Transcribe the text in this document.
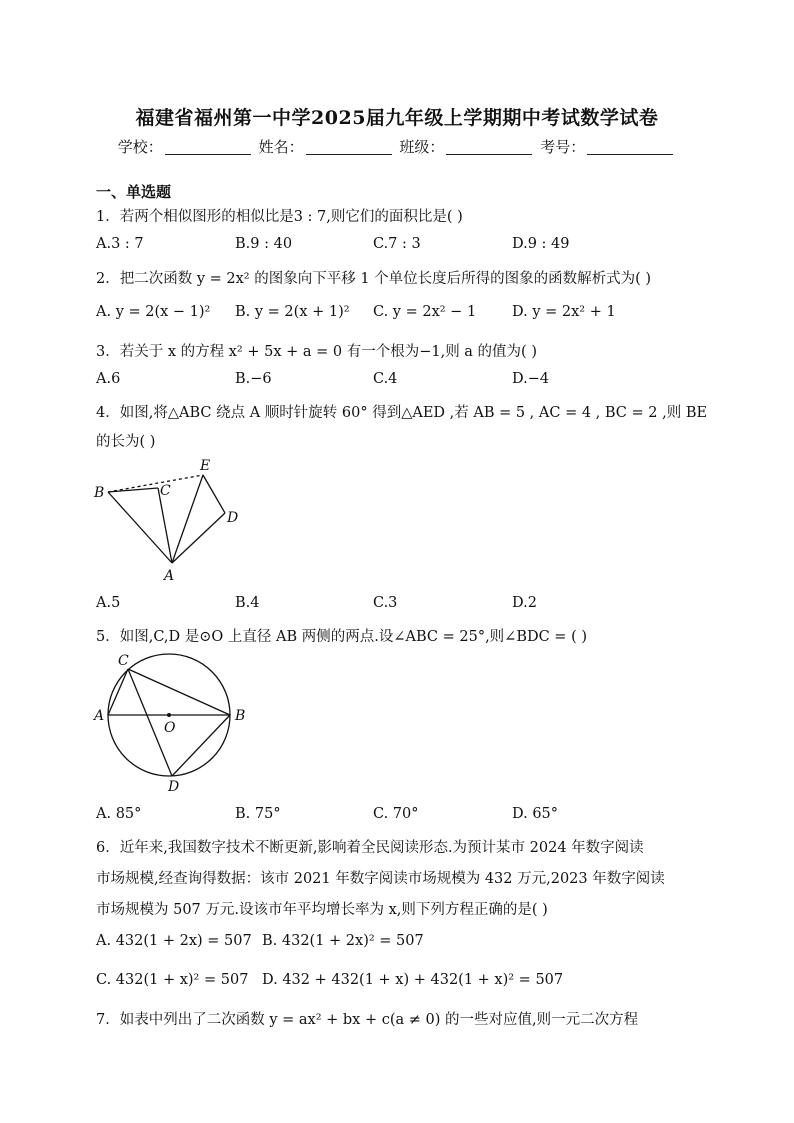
福建省福州第一中学2025届九年级上学期期中考试数学试卷
学校：	姓名：	班级：	考号：
一、单选题
1．若两个相似图形的相似比是3 : 7,则它们的面积比是( )
A.3 : 7	B.9 : 40	C.7 : 3	D.9 : 49
2．把二次函数 y = 2x² 的图象向下平移 1 个单位长度后所得的图象的函数解析式为( )
A. y = 2(x − 1)² B. y = 2(x + 1)² C. y = 2x² − 1 D. y = 2x² + 1
3．若关于 x 的方程 x² + 5x + a = 0 有一个根为−1,则 a 的值为( )
A.6	B.−6	C.4	D.−4
4．如图,将△ABC 绕点 A 顺时针旋转 60° 得到△AED ,若 AB = 5 , AC = 4 , BC = 2 ,则 BE
的长为( )
B	C
E
D
A
A.5	B.4	C.3	D.2
5．如图,C,D 是⊙O 上直径 AB 两侧的两点.设∠ABC = 25°,则∠BDC = ( )
C
A
O
B
D
A. 85°	B. 75°	C. 70°	D. 65°
6．近年来,我国数字技术不断更新,影响着全民阅读形态.为预计某市 2024 年数字阅读
市场规模,经查询得数据：该市 2021 年数字阅读市场规模为 432 万元,2023 年数字阅读
市场规模为 507 万元.设该市年平均增长率为 x,则下列方程正确的是( )
A. 432(1 + 2x) = 507 B. 432(1 + 2x)² = 507
C. 432(1 + x)² = 507 D. 432 + 432(1 + x) + 432(1 + x)² = 507
7．如表中列出了二次函数 y = ax² + bx + c(a ≠ 0) 的一些对应值,则一元二次方程
